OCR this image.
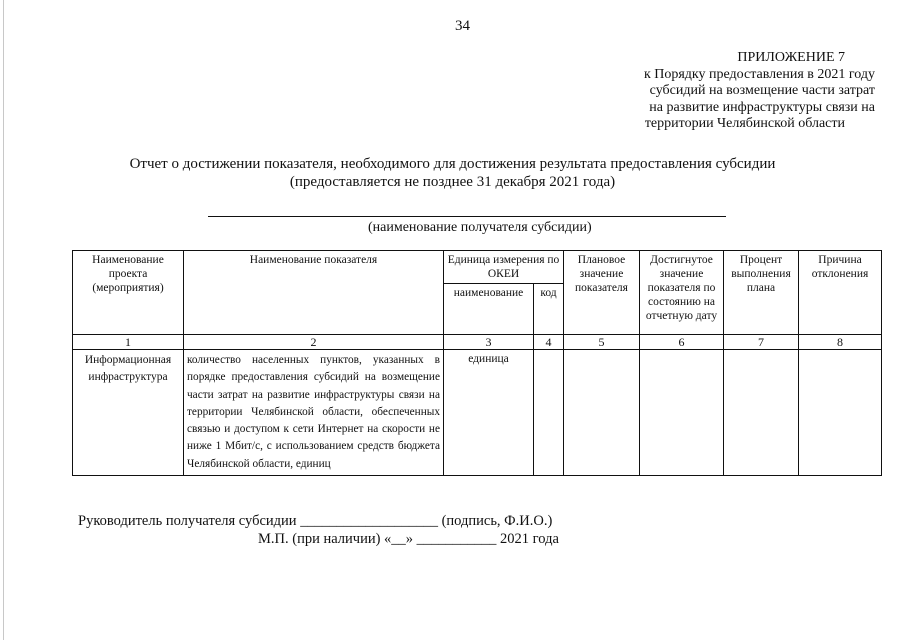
34
ПРИЛОЖЕНИЕ 7
к Порядку предоставления в 2021 году
субсидий на возмещение части затрат
на развитие инфраструктуры связи на
территории Челябинской области
Отчет о достижении показателя, необходимого для достижения результата предоставления субсидии
(предоставляется не позднее 31 декабря 2021 года)
(наименование получателя субсидии)
Наименование проекта (мероприятия)	Наименование показателя	Единица измерения по ОКЕИ		Плановое значение показателя	Достигнутое значение показателя по состоянию на отчетную дату	Процент выполнения плана	Причина отклонения
		наименование	код				
1	2	3	4	5	6	7	8
Информационная инфраструктура	количество населенных пунктов, указанных в порядке предоставления субсидий на возмещение части затрат на развитие инфраструктуры связи на территории Челябинской области, обеспеченных связью и доступом к сети Интернет на скорости не ниже 1 Мбит/с, с использованием средств бюджета Челябинской области, единиц	единица					
Руководитель получателя субсидии ___________________ (подпись, Ф.И.О.)
М.П. (при наличии) «__» ___________ 2021 года
